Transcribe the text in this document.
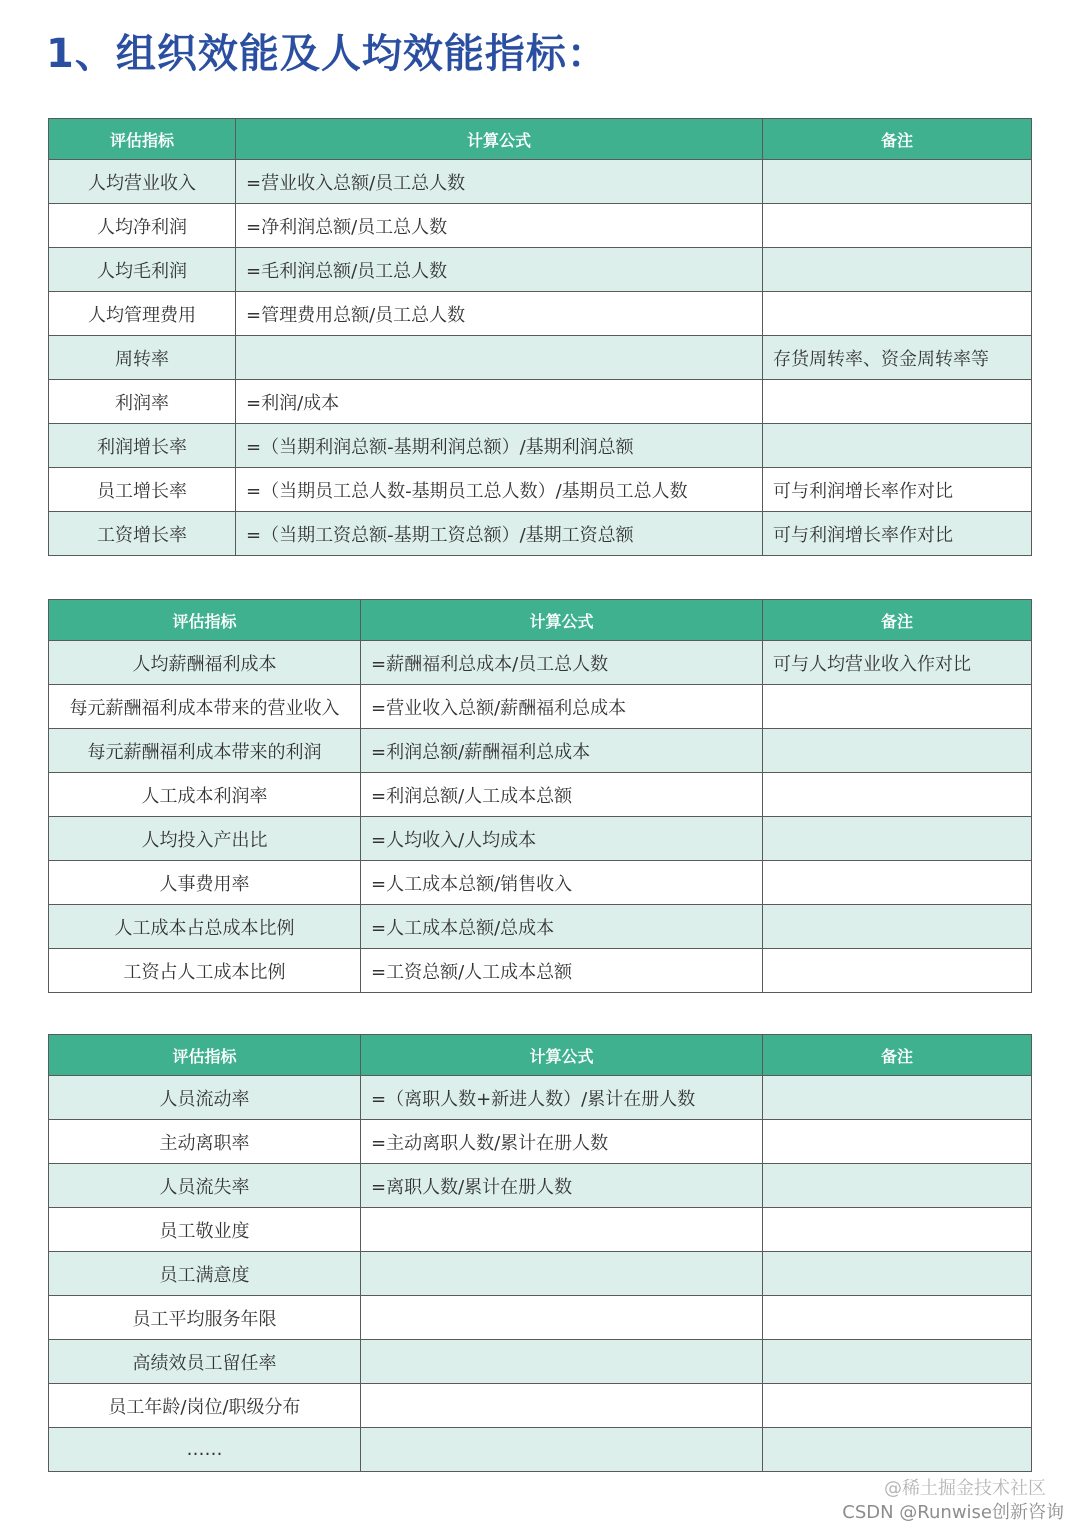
1、组织效能及人均效能指标：
评估指标	计算公式	备注
人均营业收入	=营业收入总额/员工总人数	
人均净利润	=净利润总额/员工总人数	
人均毛利润	=毛利润总额/员工总人数	
人均管理费用	=管理费用总额/员工总人数	
周转率		存货周转率、资金周转率等
利润率	=利润/成本	
利润增长率	=（当期利润总额-基期利润总额）/基期利润总额	
员工增长率	=（当期员工总人数-基期员工总人数）/基期员工总人数	可与利润增长率作对比
工资增长率	=（当期工资总额-基期工资总额）/基期工资总额	可与利润增长率作对比
评估指标	计算公式	备注
人均薪酬福利成本	=薪酬福利总成本/员工总人数	可与人均营业收入作对比
每元薪酬福利成本带来的营业收入	=营业收入总额/薪酬福利总成本	
每元薪酬福利成本带来的利润	=利润总额/薪酬福利总成本	
人工成本利润率	=利润总额/人工成本总额	
人均投入产出比	=人均收入/人均成本	
人事费用率	=人工成本总额/销售收入	
人工成本占总成本比例	=人工成本总额/总成本	
工资占人工成本比例	=工资总额/人工成本总额	
评估指标	计算公式	备注
人员流动率	=（离职人数+新进人数）/累计在册人数	
主动离职率	=主动离职人数/累计在册人数	
人员流失率	=离职人数/累计在册人数	
员工敬业度		
员工满意度		
员工平均服务年限		
高绩效员工留任率		
员工年龄/岗位/职级分布		
……		
@稀土掘金技术社区
CSDN @Runwise创新咨询
